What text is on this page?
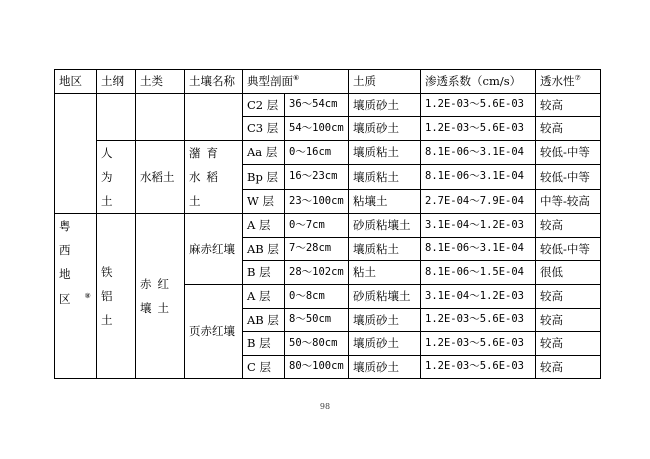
地区	土纲	土类	土壤名称	典型剖面⑥		土质	渗透系数（cm/s）	透水性⑦
				C2 层	36～54cm	壤质砂土	1.2E-03～5.6E-03	较高
				C3 层	54～100cm	壤质砂土	1.2E-03～5.6E-03	较高
	人为土	水稻土	潴育水稻土	Aa 层	0～16cm	壤质粘土	8.1E-06～3.1E-04	较低-中等
				Bp 层	16～23cm	壤质粘土	8.1E-06～3.1E-04	较低-中等
				W 层	23～100cm	粘壤土	2.7E-04～7.9E-04	中等-较高
粤西地区⑧	铁铝土	赤红壤土	麻赤红壤	A 层	0～7cm	砂质粘壤土	3.1E-04～1.2E-03	较高
				AB 层	7～28cm	壤质粘土	8.1E-06～3.1E-04	较低-中等
				B 层	28～102cm	粘土	8.1E-06～1.5E-04	很低
			页赤红壤	A 层	0～8cm	砂质粘壤土	3.1E-04～1.2E-03	较高
				AB 层	8～50cm	壤质砂土	1.2E-03～5.6E-03	较高
				B 层	50～80cm	壤质砂土	1.2E-03～5.6E-03	较高
				C 层	80～100cm	壤质砂土	1.2E-03～5.6E-03	较高
98
